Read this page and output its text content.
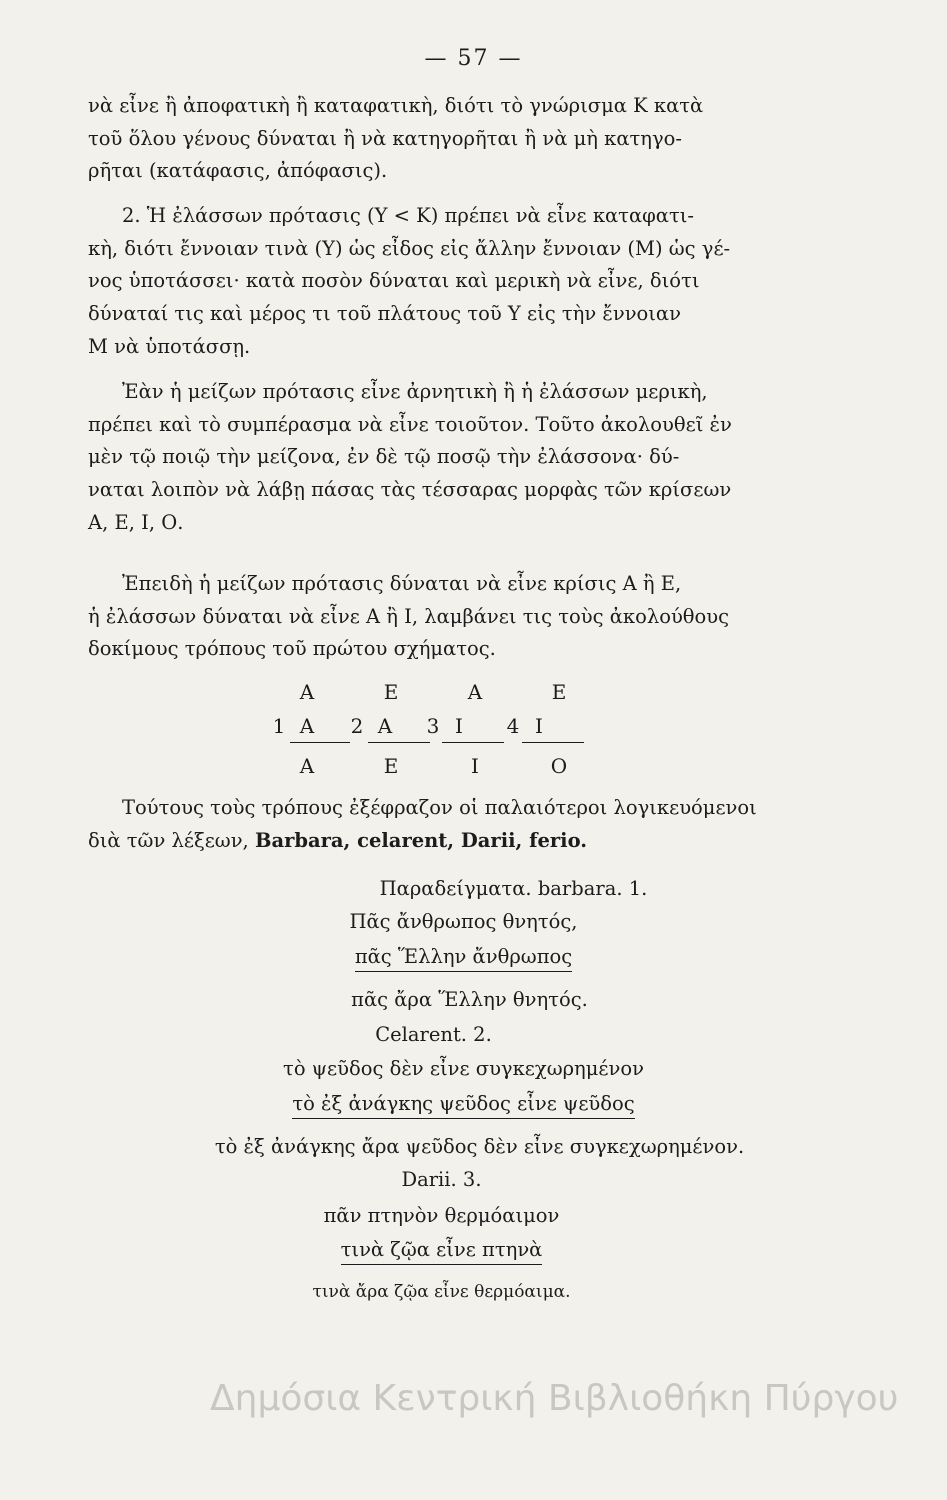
— 57 —

νὰ εἶνε ἢ ἀποφατικὴ ἢ καταφατικὴ, διότι τὸ γνώρισμα Κ κατὰ
τοῦ ὅλου γένους δύναται ἢ νὰ κατηγορῆται ἢ νὰ μὴ κατηγο-
ρῆται (κατάφασις, ἀπόφασις).

2. Ἡ ἐλάσσων πρότασις (Υ < Κ) πρέπει νὰ εἶνε καταφατι-
κὴ, διότι ἔννοιαν τινὰ (Υ) ὡς εἶδος εἰς ἄλλην ἔννοιαν (Μ) ὡς γέ-
νος ὑποτάσσει· κατὰ ποσὸν δύναται καὶ μερικὴ νὰ εἶνε, διότι
δύναταί τις καὶ μέρος τι τοῦ πλάτους τοῦ Υ εἰς τὴν ἔννοιαν
Μ νὰ ὑποτάσσῃ.

Ἐὰν ἡ μείζων πρότασις εἶνε ἀρνητικὴ ἢ ἡ ἐλάσσων μερικὴ,
πρέπει καὶ τὸ συμπέρασμα νὰ εἶνε τοιοῦτον. Τοῦτο ἀκολουθεῖ ἐν
μὲν τῷ ποιῷ τὴν μείζονα, ἐν δὲ τῷ ποσῷ τὴν ἐλάσσονα· δύ-
ναται λοιπὸν νὰ λάβῃ πάσας τὰς τέσσαρας μορφὰς τῶν κρίσεων
Α, Ε, Ι, Ο.

Ἐπειδὴ ἡ μείζων πρότασις δύναται νὰ εἶνε κρίσις Α ἢ Ε,
ἡ ἐλάσσων δύναται νὰ εἶνε Α ἢ Ι, λαμβάνει τις τοὺς ἀκολούθους
δοκίμους τρόπους τοῦ πρώτου σχήματος.

Α	Ε	Α	Ε
1 Α	2 Α	3 Ι	4 Ι
Α	Ε	Ι	Ο

Τούτους τοὺς τρόπους ἐξέφραζον οἱ παλαιότεροι λογικευόμενοι
διὰ τῶν λέξεων, Barbara, celarent, Darii, ferio.

Παραδείγματα. barbara. 1.
Πᾶς ἄνθρωπος θνητός,
πᾶς Ἕλλην ἄνθρωπος
πᾶς ἄρα Ἕλλην θνητός.
Celarent. 2.
τὸ ψεῦδος δὲν εἶνε συγκεχωρημένον
τὸ ἐξ ἀνάγκης ψεῦδος εἶνε ψεῦδος
τὸ ἐξ ἀνάγκης ἄρα ψεῦδος δὲν εἶνε συγκεχωρημένον.
Darii. 3.
πᾶν πτηνὸν θερμόαιμον
τινὰ ζῷα εἶνε πτηνὰ
τινὰ ἄρα ζῷα εἶνε θερμόαιμα.
Δημόσια Κεντρική Βιβλιοθήκη Πύργου
